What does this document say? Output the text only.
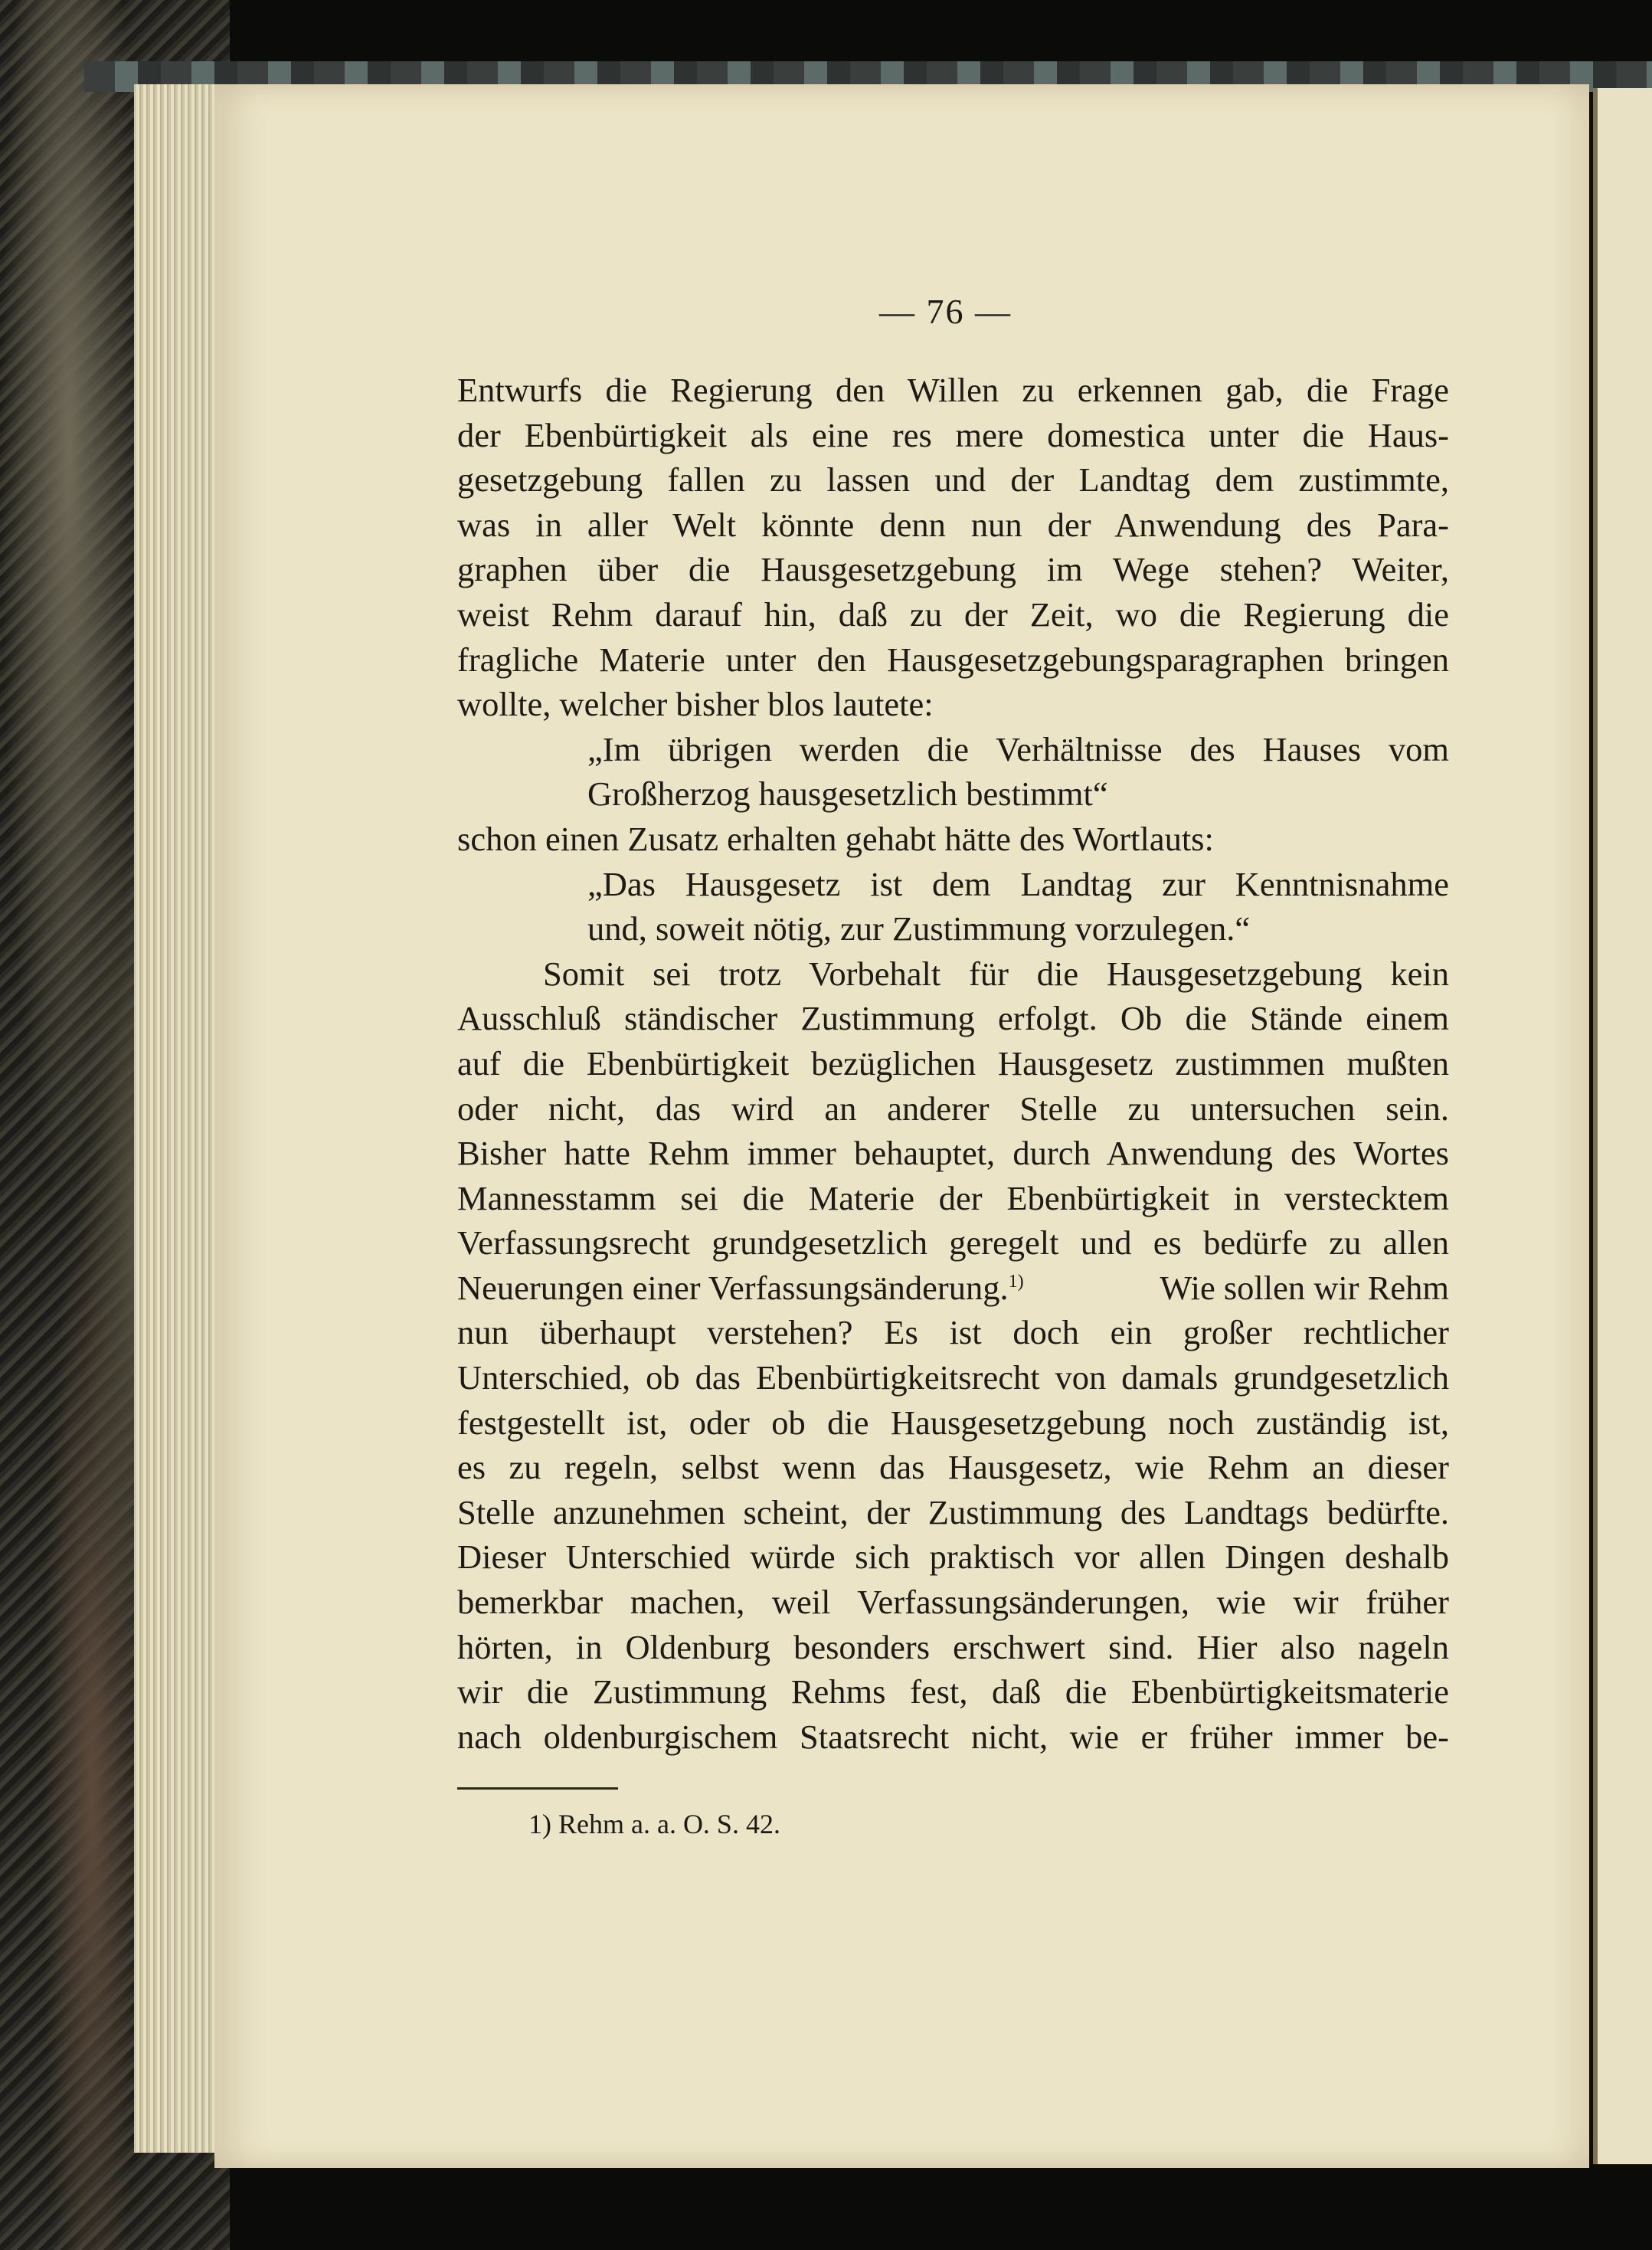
— 76 —
Entwurfs die Regierung den Willen zu erkennen gab, die Frage
der Ebenbürtigkeit als eine res mere domestica unter die Haus-
gesetzgebung fallen zu lassen und der Landtag dem zustimmte,
was in aller Welt könnte denn nun der Anwendung des Para-
graphen über die Hausgesetzgebung im Wege stehen? Weiter,
weist Rehm darauf hin, daß zu der Zeit, wo die Regierung die
fragliche Materie unter den Hausgesetzgebungsparagraphen bringen
wollte, welcher bisher blos lautete:
„Im übrigen werden die Verhältnisse des Hauses vom
Großherzog hausgesetzlich bestimmt“
schon einen Zusatz erhalten gehabt hätte des Wortlauts:
„Das Hausgesetz ist dem Landtag zur Kenntnisnahme
und, soweit nötig, zur Zustimmung vorzulegen.“
Somit sei trotz Vorbehalt für die Hausgesetzgebung kein
Ausschluß ständischer Zustimmung erfolgt. Ob die Stände einem
auf die Ebenbürtigkeit bezüglichen Hausgesetz zustimmen mußten
oder nicht, das wird an anderer Stelle zu untersuchen sein.
Bisher hatte Rehm immer behauptet, durch Anwendung des Wortes
Mannesstamm sei die Materie der Ebenbürtigkeit in verstecktem
Verfassungsrecht grundgesetzlich geregelt und es bedürfe zu allen
Neuerungen einer Verfassungsänderung.$^{1)}$	Wie sollen wir Rehm
nun überhaupt verstehen? Es ist doch ein großer rechtlicher
Unterschied, ob das Ebenbürtigkeitsrecht von damals grundgesetzlich
festgestellt ist, oder ob die Hausgesetzgebung noch zuständig ist,
es zu regeln, selbst wenn das Hausgesetz, wie Rehm an dieser
Stelle anzunehmen scheint, der Zustimmung des Landtags bedürfte.
Dieser Unterschied würde sich praktisch vor allen Dingen deshalb
bemerkbar machen, weil Verfassungsänderungen, wie wir früher
hörten, in Oldenburg besonders erschwert sind. Hier also nageln
wir die Zustimmung Rehms fest, daß die Ebenbürtigkeitsmaterie
nach oldenburgischem Staatsrecht nicht, wie er früher immer be-
1) Rehm a. a. O. S. 42.
